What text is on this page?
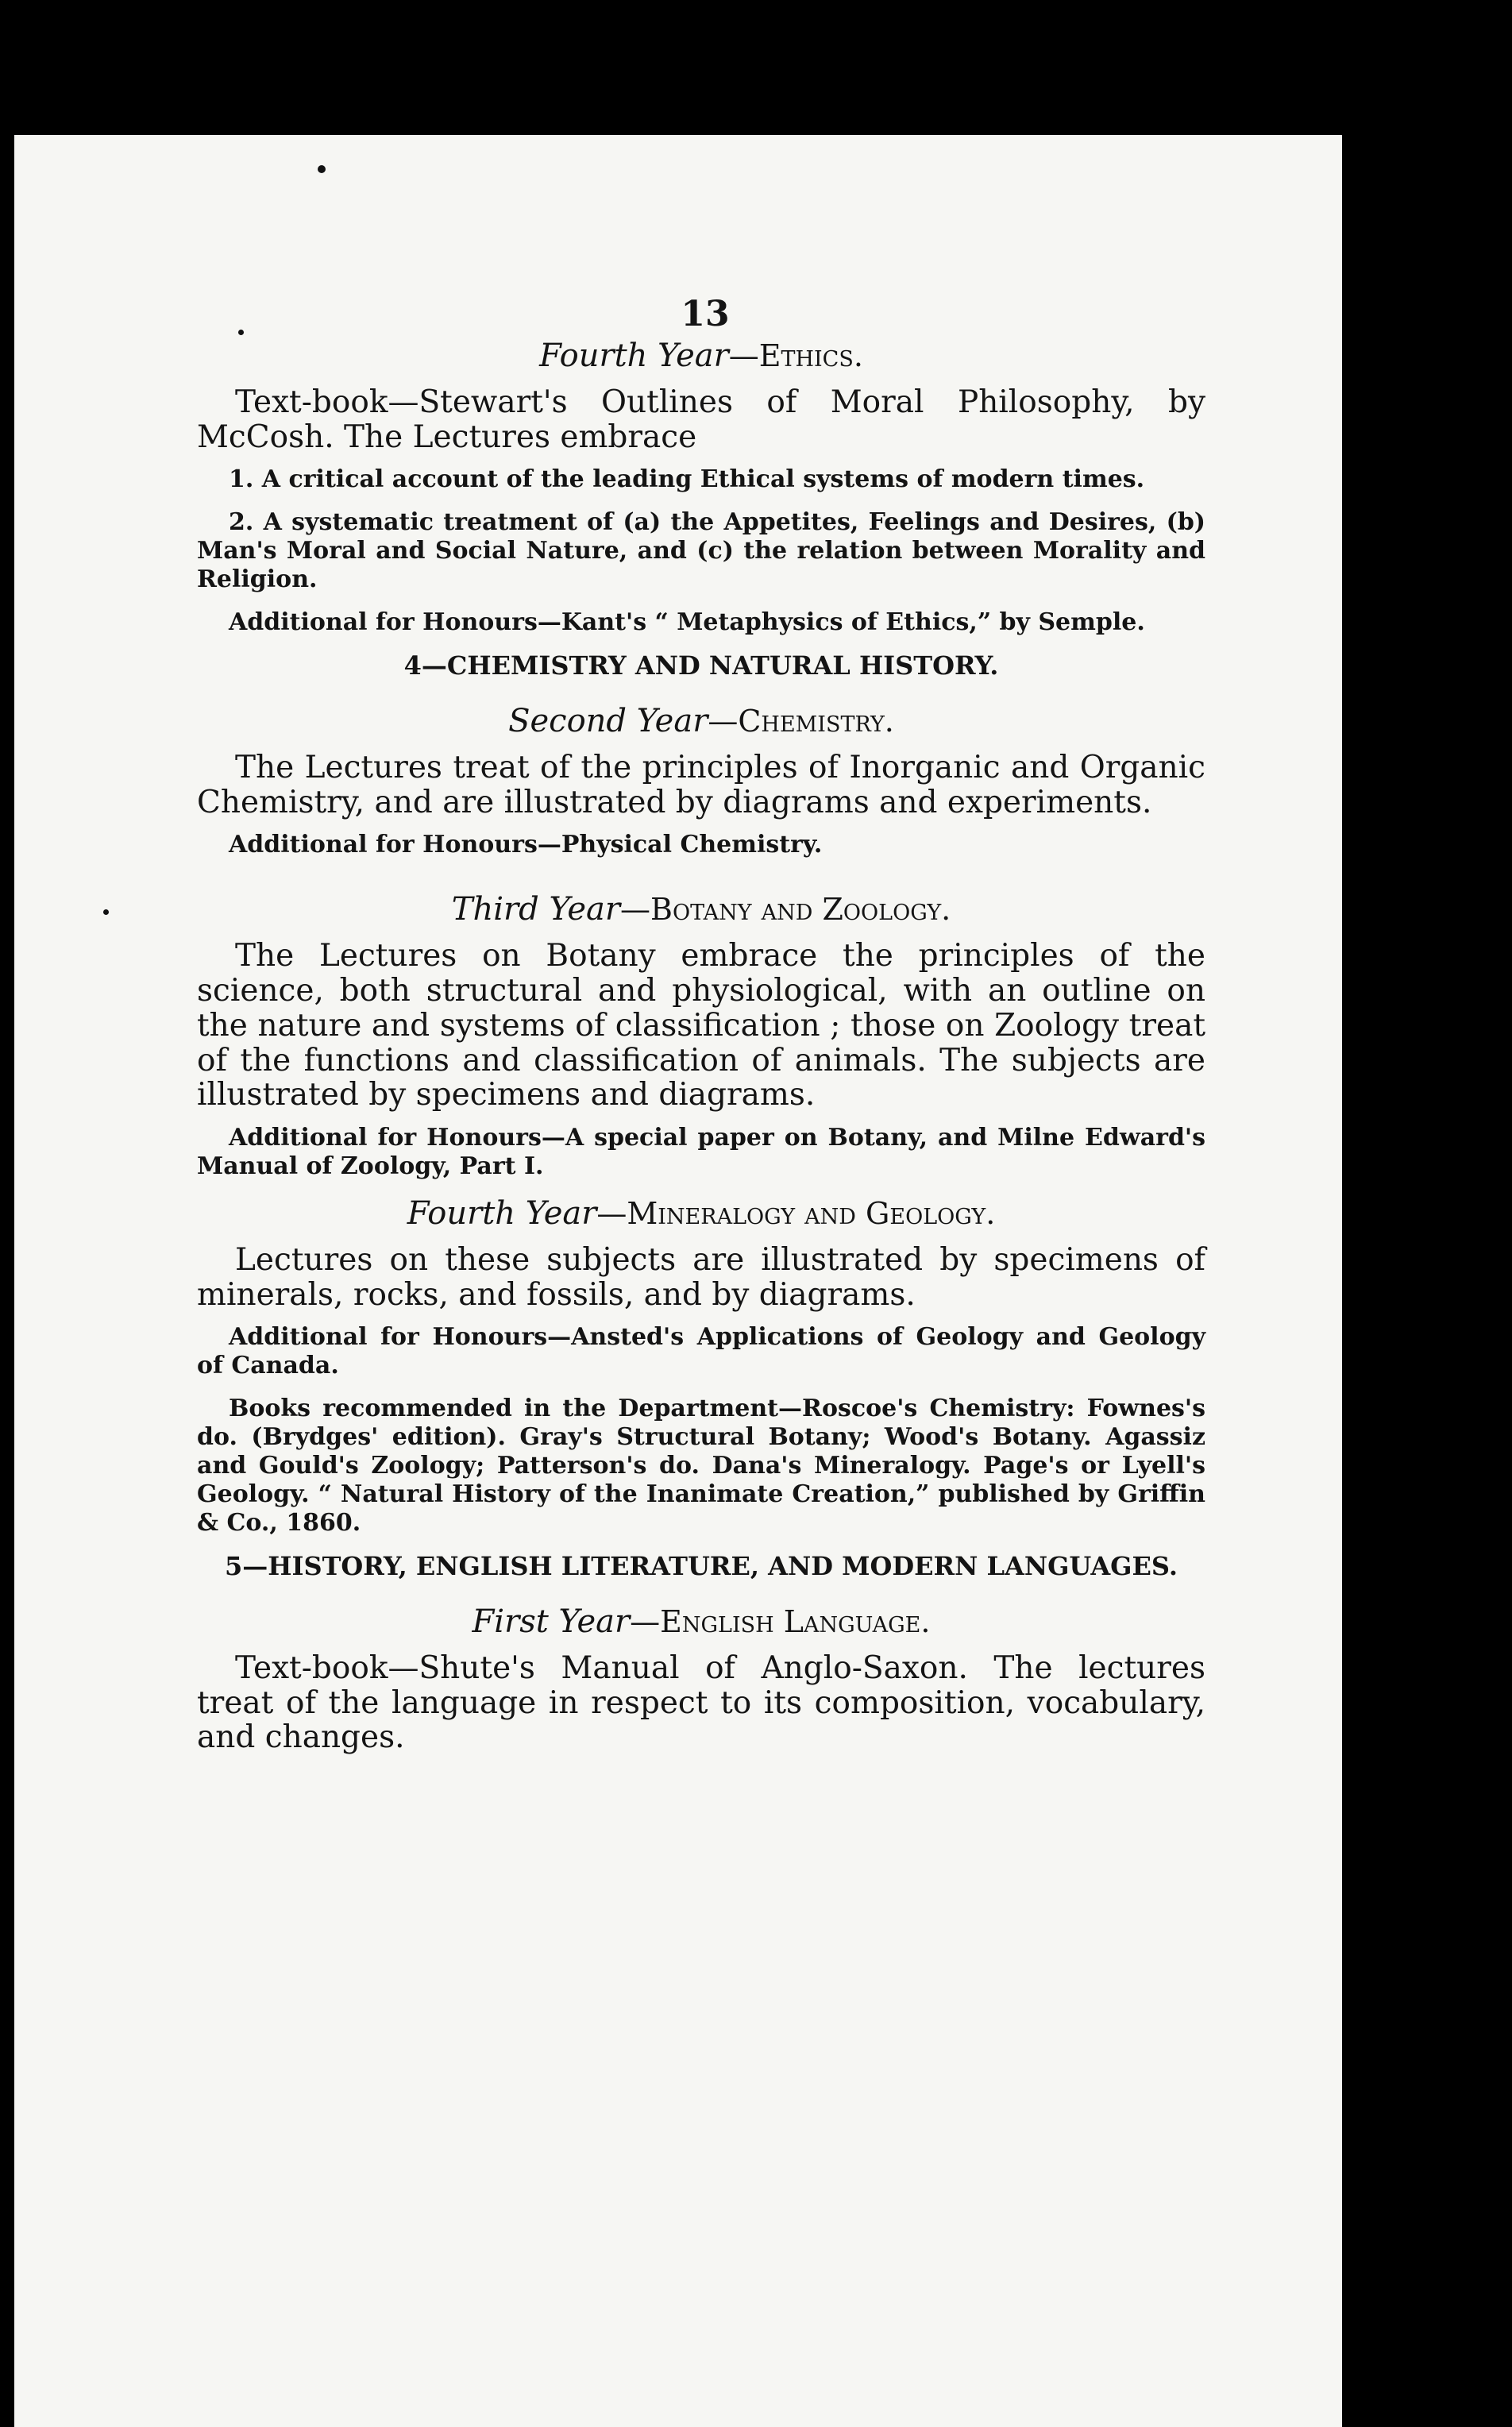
13
Fourth Year—Ethics.

Text-book—Stewart's Outlines of Moral Philosophy, by McCosh. The Lectures embrace

1. A critical account of the leading Ethical systems of modern times.

2. A systematic treatment of (a) the Appetites, Feelings and Desires, (b) Man's Moral and Social Nature, and (c) the relation between Morality and Religion.

Additional for Honours—Kant's “ Metaphysics of Ethics,” by Semple.

4—CHEMISTRY AND NATURAL HISTORY.
Second Year—Chemistry.

The Lectures treat of the principles of Inorganic and Organic Chemistry, and are illustrated by diagrams and experiments.

Additional for Honours—Physical Chemistry.

Third Year—Botany and Zoology.

The Lectures on Botany embrace the principles of the science, both structural and physiological, with an outline on the nature and systems of classification ; those on Zoology treat of the functions and classification of animals. The subjects are illustrated by specimens and diagrams.

Additional for Honours—A special paper on Botany, and Milne Edward's Manual of Zoology, Part I.

Fourth Year—Mineralogy and Geology.

Lectures on these subjects are illustrated by specimens of minerals, rocks, and fossils, and by diagrams.

Additional for Honours—Ansted's Applications of Geology and Geology of Canada.

Books recommended in the Department—Roscoe's Chemistry: Fownes's do. (Brydges' edition). Gray's Structural Botany; Wood's Botany. Agassiz and Gould's Zoology; Patterson's do. Dana's Mineralogy. Page's or Lyell's Geology. “ Natural History of the Inanimate Creation,” published by Griffin & Co., 1860.

5—HISTORY, ENGLISH LITERATURE, AND MODERN LANGUAGES.
First Year—English Language.

Text-book—Shute's Manual of Anglo-Saxon. The lectures treat of the language in respect to its composition, vocabulary, and changes.
